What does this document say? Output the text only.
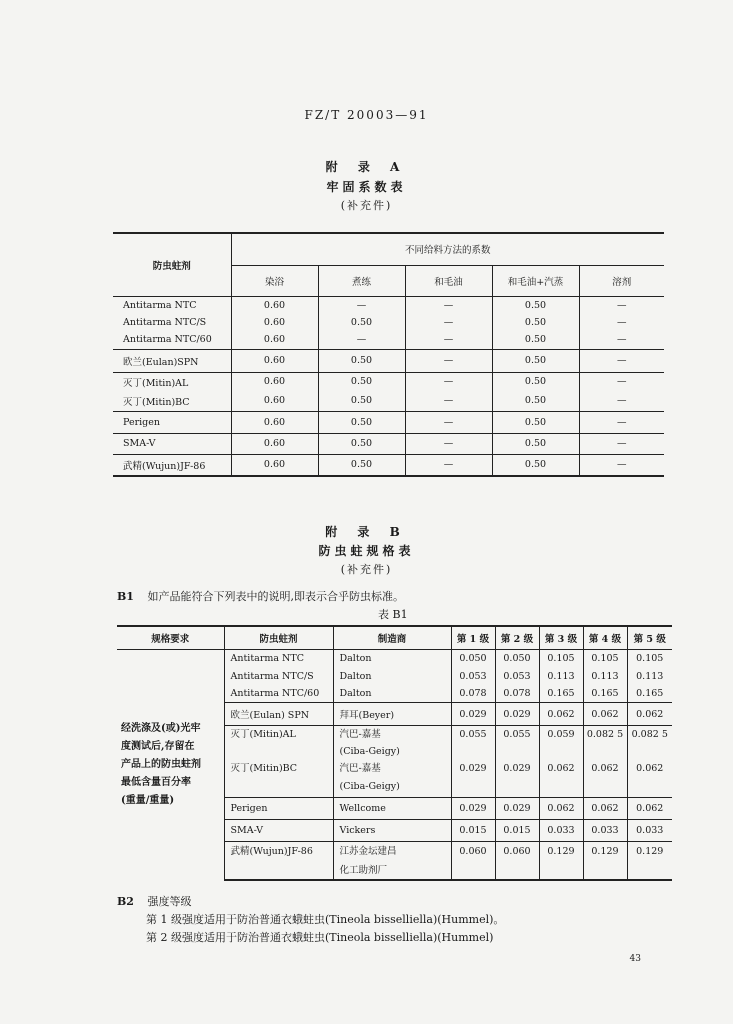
FZ/T 20003—91
附 录 A
牢固系数表
(补充件)
防虫蛀剂	不同给料方法的系数				
	染浴	煮练	和毛油	和毛油+汽蒸	溶剂
Antitarma NTC	0.60	—	—	0.50	—
Antitarma NTC/S	0.60	0.50	—	0.50	—
Antitarma NTC/60	0.60	—	—	0.50	—
欧兰(Eulan)SPN	0.60	0.50	—	0.50	—
灭丁(Mitin)AL	0.60	0.50	—	0.50	—
灭丁(Mitin)BC	0.60	0.50	—	0.50	—
Perigen	0.60	0.50	—	0.50	—
SMA-V	0.60	0.50	—	0.50	—
武精(Wujun)JF-86	0.60	0.50	—	0.50	—
附 录 B
防虫蛀规格表
(补充件)
B1 如产品能符合下列表中的说明,即表示合乎防虫标准。
表 B1
规格要求	防虫蛀剂	制造商	第 1 级	第 2 级	第 3 级	第 4 级	第 5 级

经洗涤及(或)光牢
度测试后,存留在
产品上的防虫蛀剂
最低含量百分率
(重量/重量)	Antitarma NTC	Dalton	0.050	0.050	0.105	0.105	0.105
	Antitarma NTC/S	Dalton	0.053	0.053	0.113	0.113	0.113
	Antitarma NTC/60	Dalton	0.078	0.078	0.165	0.165	0.165
	欧兰(Eulan) SPN	拜耳(Beyer)	0.029	0.029	0.062	0.062	0.062
	灭丁(Mitin)AL	汽巴-嘉基	0.055	0.055	0.059	0.082 5	0.082 5
		(Ciba-Geigy)					
	灭丁(Mitin)BC	汽巴-嘉基	0.029	0.029	0.062	0.062	0.062
		(Ciba-Geigy)					
	Perigen	Wellcome	0.029	0.029	0.062	0.062	0.062
	SMA-V	Vickers	0.015	0.015	0.033	0.033	0.033
	武精(Wujun)JF-86	江苏金坛建昌	0.060	0.060	0.129	0.129	0.129
		化工助剂厂					
B2 强度等级
第 1 级强度适用于防治普通衣蛾蛀虫(Tineola bisselliella)(Hummel)。
第 2 级强度适用于防治普通衣蛾蛀虫(Tineola bisselliella)(Hummel)
43
